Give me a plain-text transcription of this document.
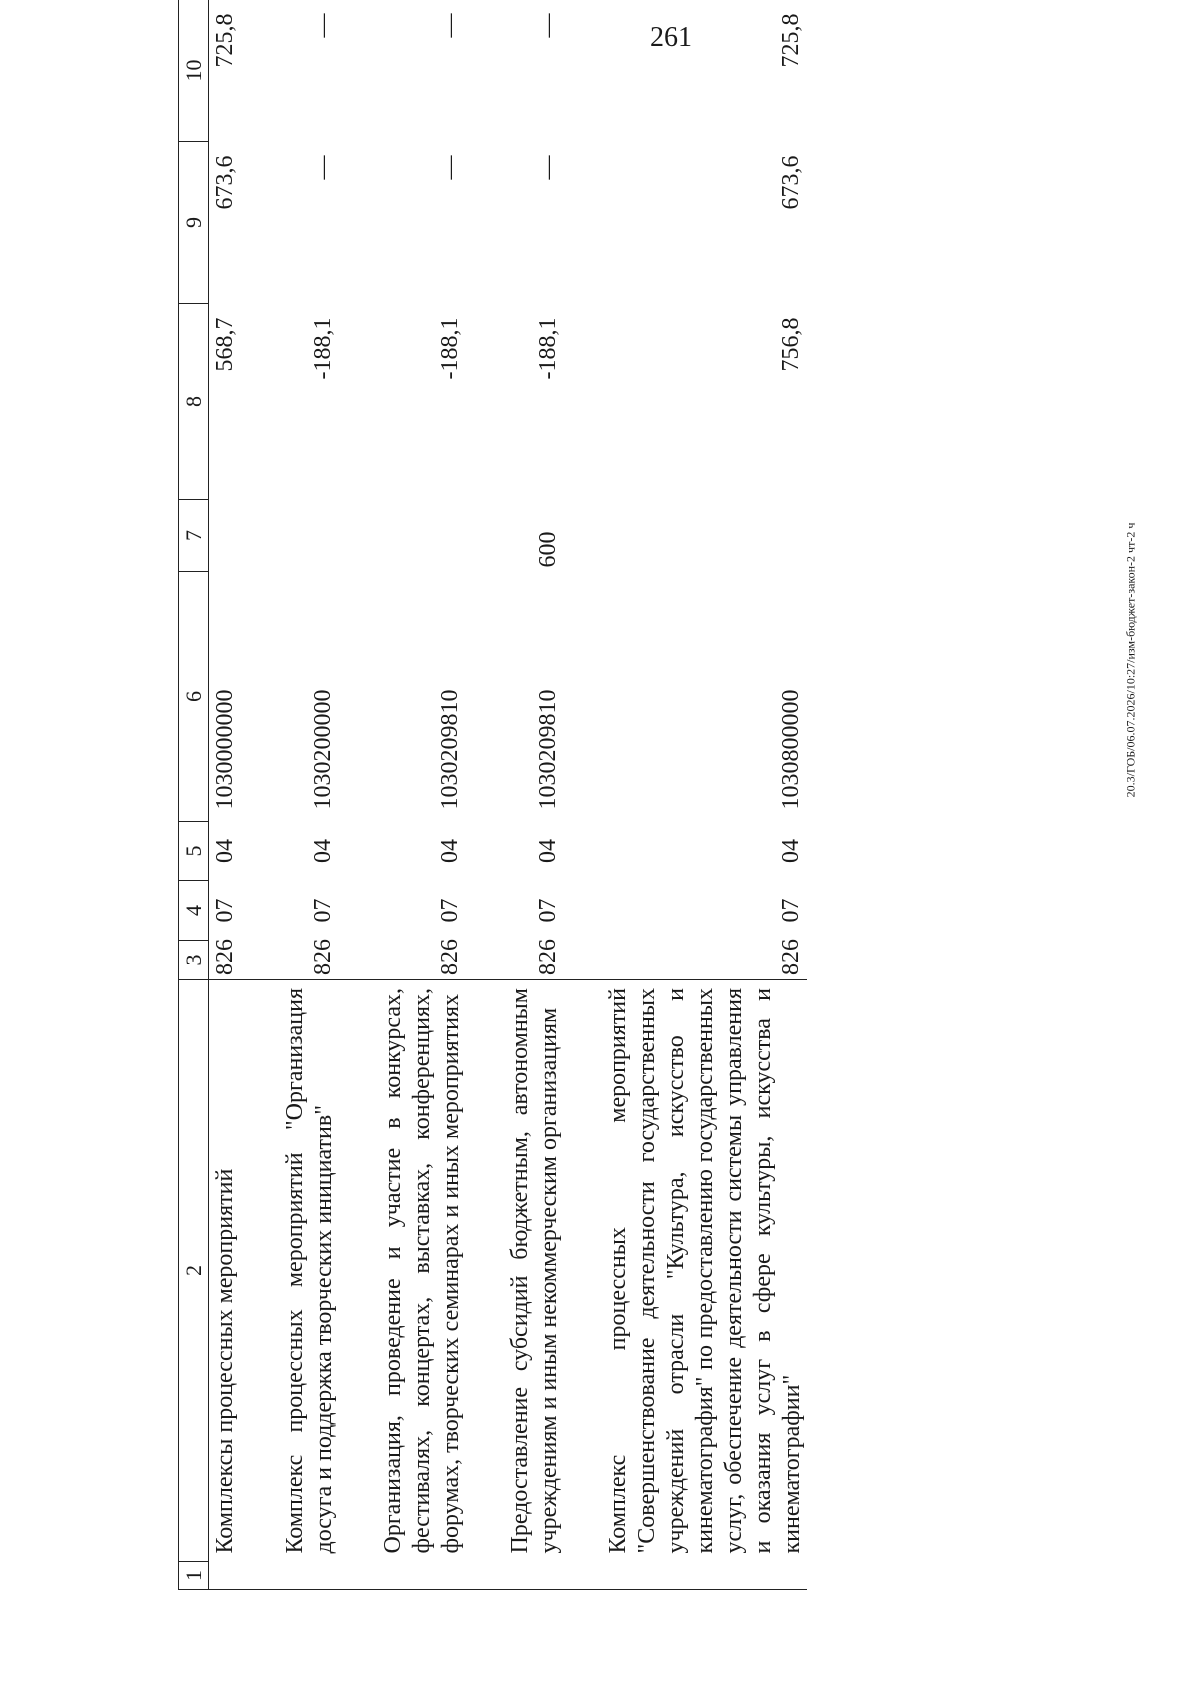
261
20.3/ГОБ/06.07.2026/10:27/изм-бюджет-закон-2 чт-2 ч
1	2	3	4	5	6	7	8	9	10
	Комплексы процессных мероприятий	826	07	04	1030000000		568,7	673,6	725,8

	Комплекс процессных мероприятий "Организация досуга и поддержка творческих инициатив"	826	07	04	1030200000		-188,1	—	—

	Организация, проведение и участие в конкурсах, фестивалях, концертах, выставках, конференциях, форумах, творческих семинарах и иных мероприятиях	826	07	04	1030209810		-188,1	—	—

	Предоставление субсидий бюджетным, автономным учреждениям и иным некоммерческим организациям	826	07	04	1030209810	600	-188,1	—	—

	Комплекс процессных мероприятий "Совершенствование деятельности государственных учреждений отрасли "Культура, искусство и кинематография" по предоставлению государственных услуг, обеспечение деятельности системы управления и оказания услуг в сфере культуры, искусства и кинематографии"	826	07	04	1030800000		756,8	673,6	725,8
